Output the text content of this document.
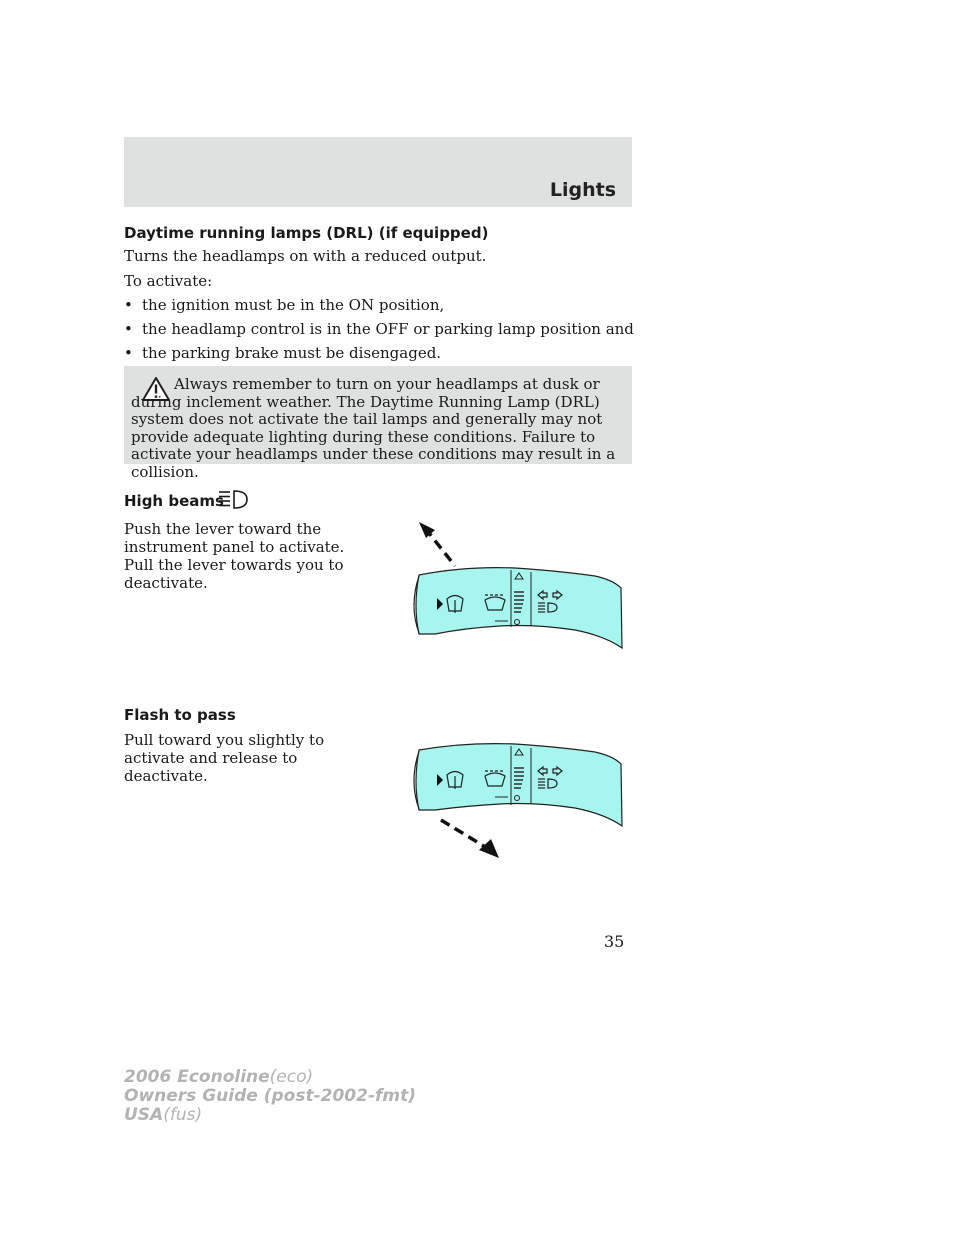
Lights
Daytime running lamps (DRL) (if equipped)

Turns the headlamps on with a reduced output.

To activate:

• the ignition must be in the ON position,
• the headlamp control is in the OFF or parking lamp position and
• the parking brake must be disengaged.

Always remember to turn on your headlamps at dusk or during inclement weather. The Daytime Running Lamp (DRL) system does not activate the tail lamps and generally may not provide adequate lighting during these conditions. Failure to activate your headlamps under these conditions may result in a collision.

High beams

Push the lever toward the instrument panel to activate. Pull the lever towards you to deactivate.

Flash to pass

Pull toward you slightly to activate and release to deactivate.

35
2006 Econoline(eco)
Owners Guide (post-2002-fmt)
USA(fus)
